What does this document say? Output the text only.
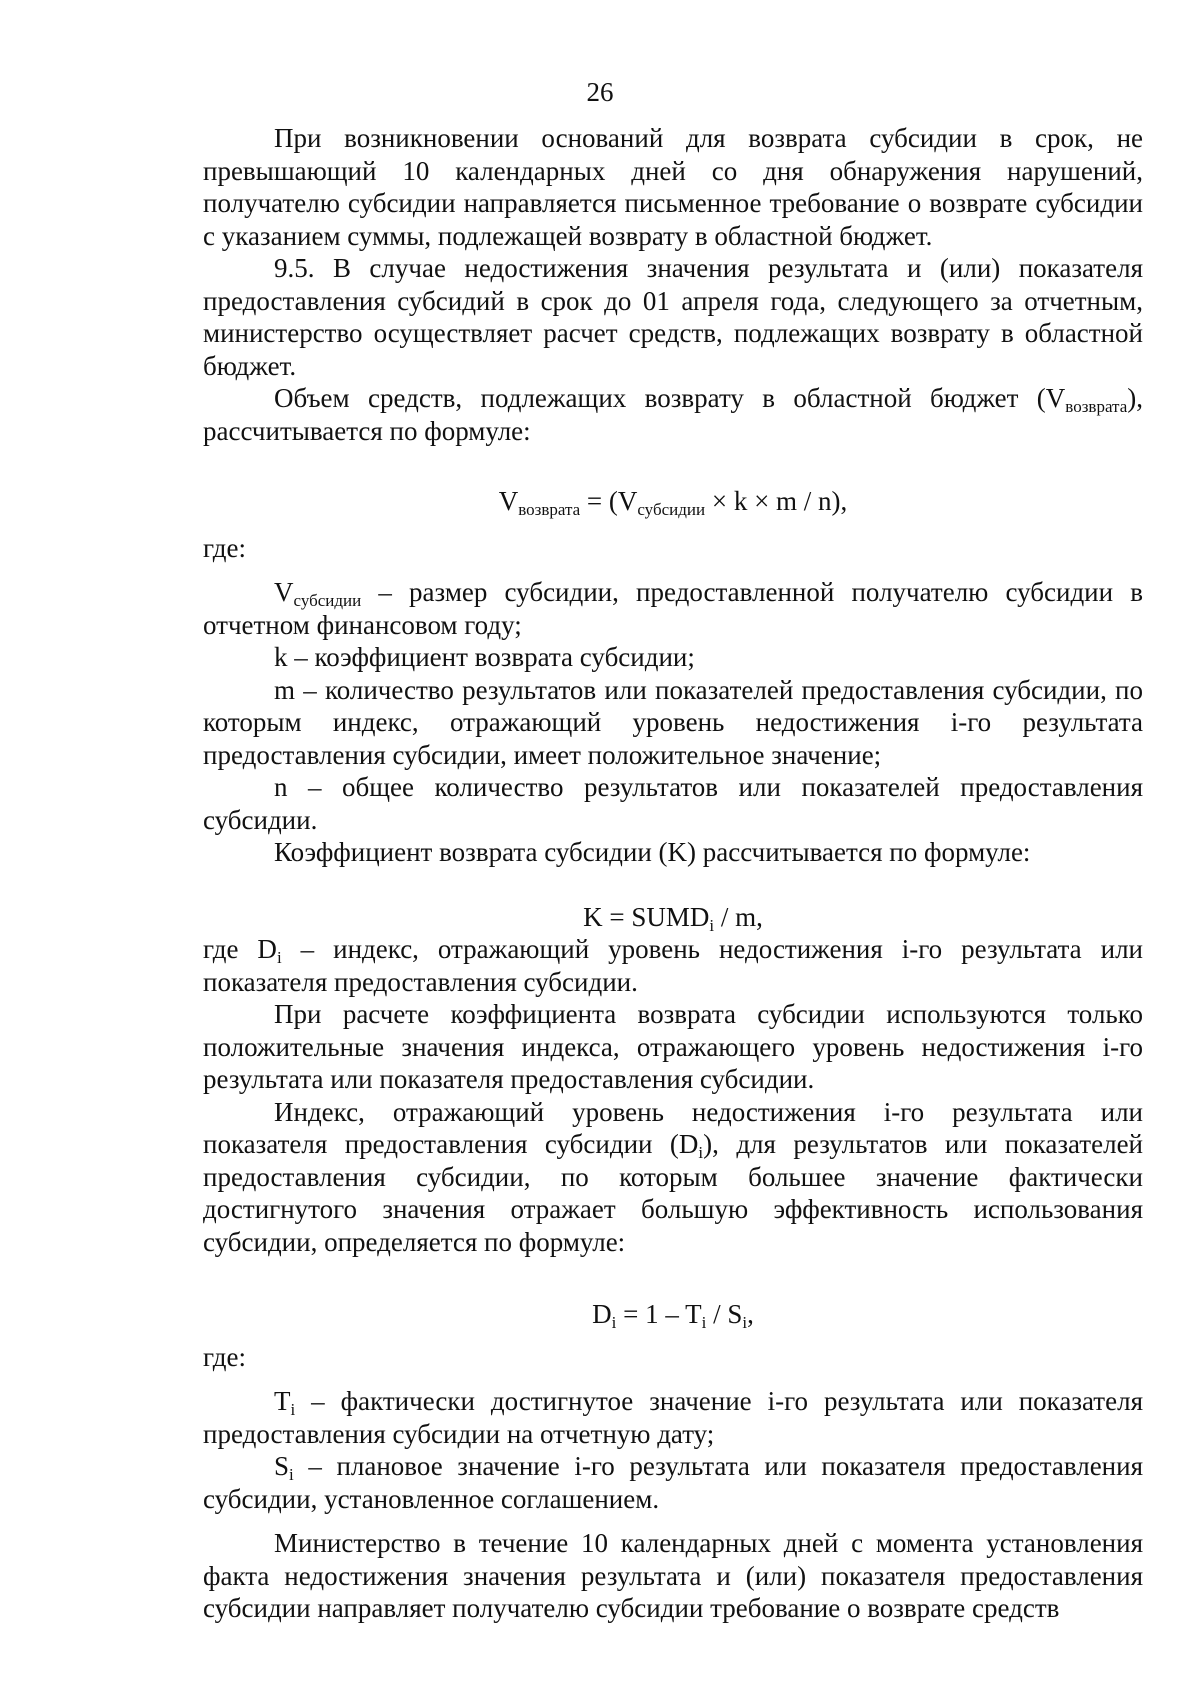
26

При возникновении оснований для возврата субсидии в срок, не превышающий 10 календарных дней со дня обнаружения нарушений, получателю субсидии направляется письменное требование о возврате субсидии с указанием суммы, подлежащей возврату в областной бюджет.

9.5. В случае недостижения значения результата и (или) показателя предоставления субсидий в срок до 01 апреля года, следующего за отчетным, министерство осуществляет расчет средств, подлежащих возврату в областной бюджет.

Объем средств, подлежащих возврату в областной бюджет $(V_{возврата})$, рассчитывается по формуле:

$V_{возврата} = (V_{субсидии} \times k \times m / n)$,

где:

$V_{субсидии}$ – размер субсидии, предоставленной получателю субсидии в отчетном финансовом году;

k – коэффициент возврата субсидии;

m – количество результатов или показателей предоставления субсидии, по которым индекс, отражающий уровень недостижения i-го результата предоставления субсидии, имеет положительное значение;

n – общее количество результатов или показателей предоставления субсидии.

Коэффициент возврата субсидии (K) рассчитывается по формуле:

$K = SUMD_i / m$,

где $D_i$ – индекс, отражающий уровень недостижения i-го результата или показателя предоставления субсидии.

При расчете коэффициента возврата субсидии используются только положительные значения индекса, отражающего уровень недостижения i-го результата или показателя предоставления субсидии.

Индекс, отражающий уровень недостижения i-го результата или показателя предоставления субсидии $(D_i)$, для результатов или показателей предоставления субсидии, по которым большее значение фактически достигнутого значения отражает большую эффективность использования субсидии, определяется по формуле:

$D_i = 1 - T_i / S_i$,

где:

$T_i$ – фактически достигнутое значение i-го результата или показателя предоставления субсидии на отчетную дату;

$S_i$ – плановое значение i-го результата или показателя предоставления субсидии, установленное соглашением.

Министерство в течение 10 календарных дней с момента установления факта недостижения значения результата и (или) показателя предоставления субсидии направляет получателю субсидии требование о возврате средств
